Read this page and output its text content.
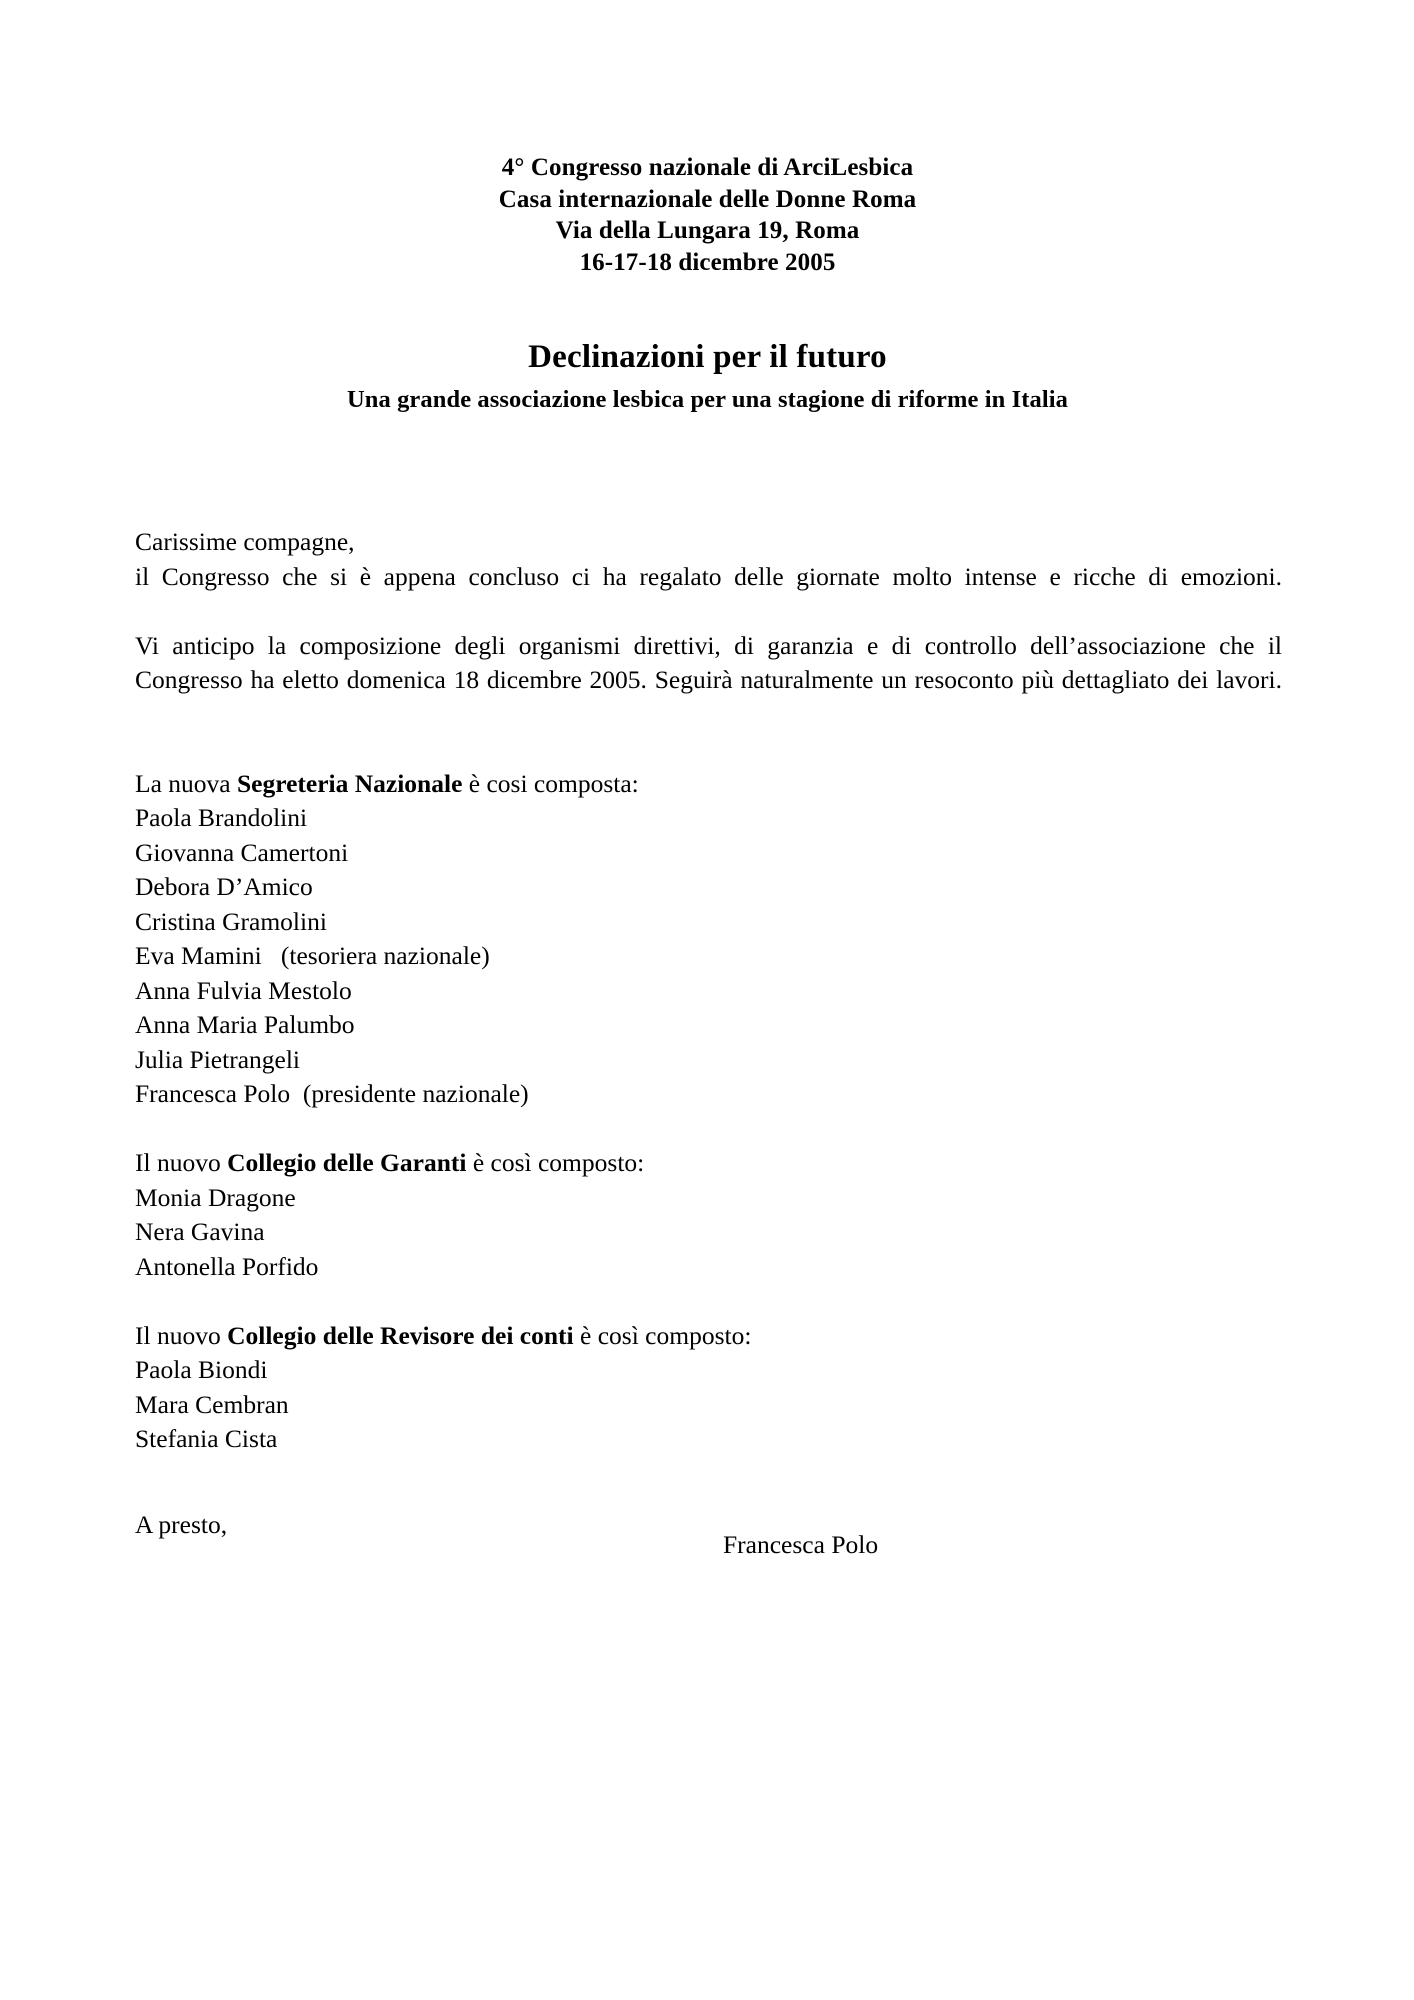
4° Congresso nazionale di ArciLesbica
Casa internazionale delle Donne Roma
Via della Lungara 19, Roma
16-17-18 dicembre 2005
Declinazioni per il futuro
Una grande associazione lesbica per una stagione di riforme in Italia

Carissime compagne,

il Congresso che si è appena concluso ci ha regalato delle giornate molto intense e ricche di emozioni.

Vi anticipo la composizione degli organismi direttivi, di garanzia e di controllo dell’associazione che il Congresso ha eletto domenica 18 dicembre 2005. Seguirà naturalmente un resoconto più dettagliato dei lavori.

La nuova Segreteria Nazionale è cosi composta:

Paola Brandolini

Giovanna Camertoni

Debora D’Amico

Cristina Gramolini

Eva Mamini   (tesoriera nazionale)

Anna Fulvia Mestolo

Anna Maria Palumbo

Julia Pietrangeli

Francesca Polo  (presidente nazionale)

Il nuovo Collegio delle Garanti è così composto:

Monia Dragone

Nera Gavina

Antonella Porfido

Il nuovo Collegio delle Revisore dei conti è così composto:

Paola Biondi

Mara Cembran

Stefania Cista

A presto,

Francesca Polo
